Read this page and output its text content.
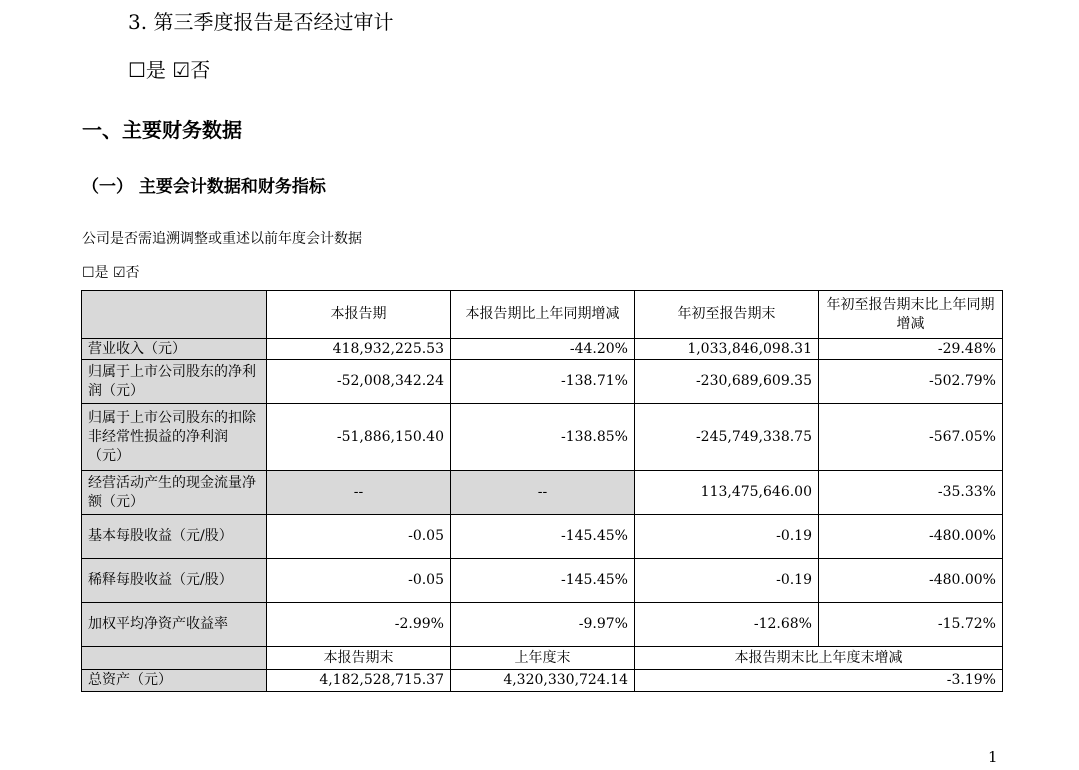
3. 第三季度报告是否经过审计

☐是 ☑否

一、主要财务数据
（一） 主要会计数据和财务指标

公司是否需追溯调整或重述以前年度会计数据

☐是 ☑否

	本报告期	本报告期比上年同期增减	年初至报告期末	年初至报告期末比上年同期增减
营业收入（元）	418,932,225.53	-44.20%	1,033,846,098.31	-29.48%
归属于上市公司股东的净利润（元）	-52,008,342.24	-138.71%	-230,689,609.35	-502.79%
归属于上市公司股东的扣除非经常性损益的净利润（元）	-51,886,150.40	-138.85%	-245,749,338.75	-567.05%
经营活动产生的现金流量净额（元）	--	--	113,475,646.00	-35.33%
基本每股收益（元/股）	-0.05	-145.45%	-0.19	-480.00%
稀释每股收益（元/股）	-0.05	-145.45%	-0.19	-480.00%
加权平均净资产收益率	-2.99%	-9.97%	-12.68%	-15.72%
	本报告期末	上年度末	本报告期末比上年度末增减	
总资产（元）	4,182,528,715.37	4,320,330,724.14	-3.19%	

1
